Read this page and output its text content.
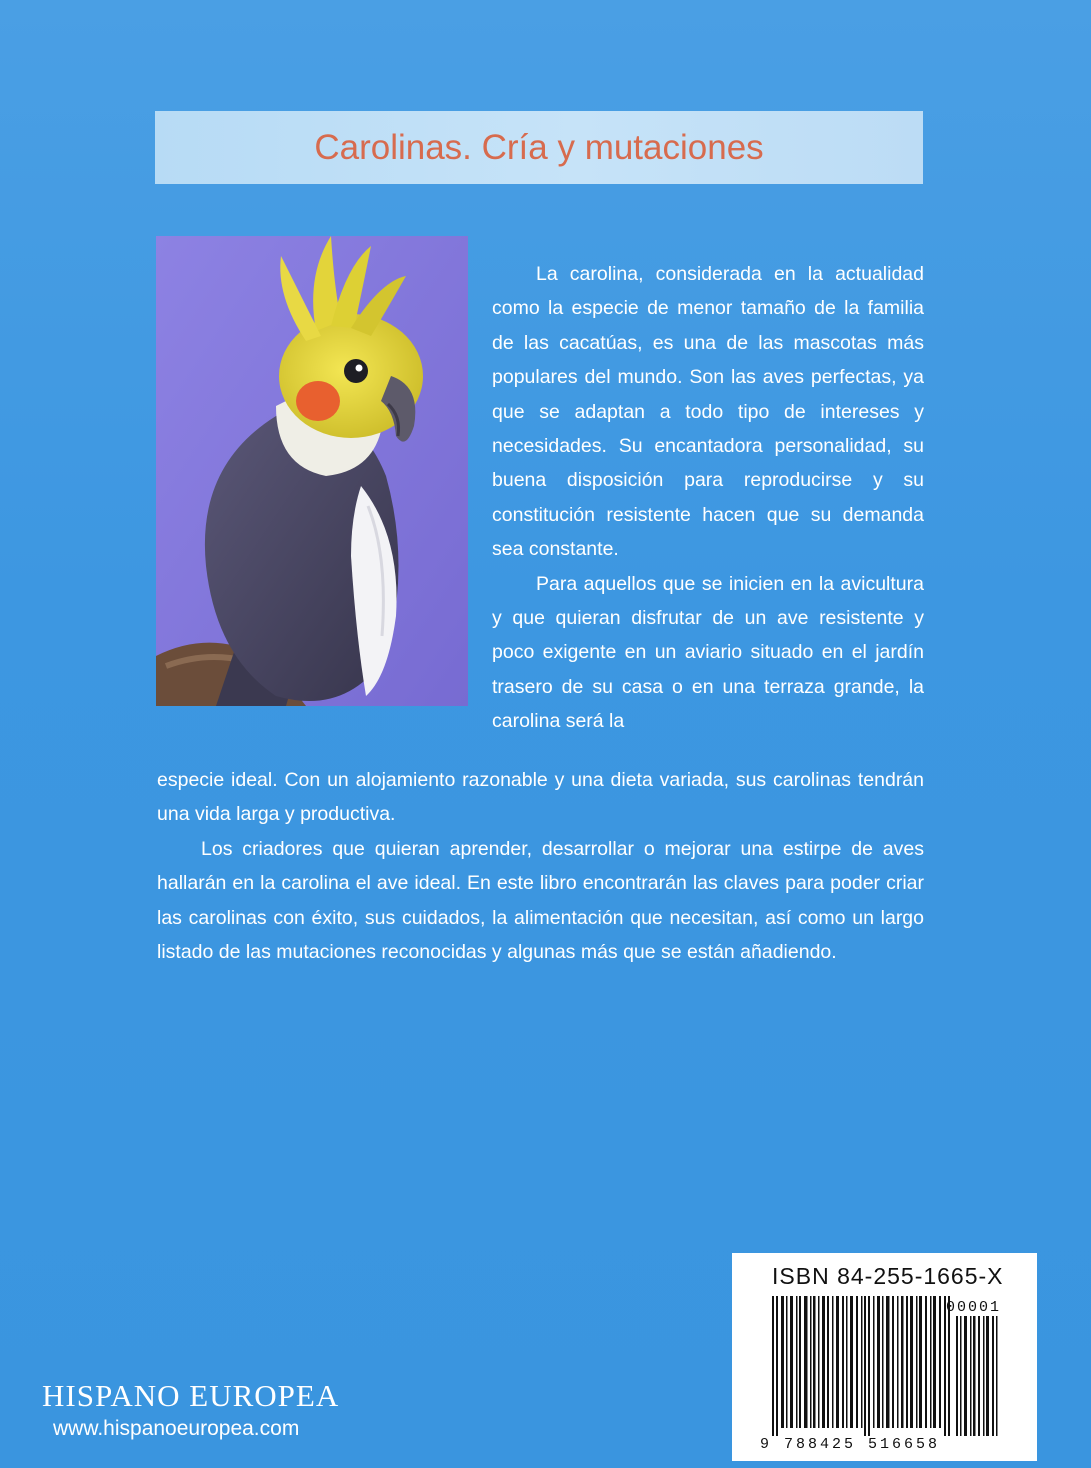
Carolinas. Cría y mutaciones

La carolina, considerada en la actualidad como la especie de menor tamaño de la familia de las cacatúas, es una de las mascotas más populares del mundo. Son las aves perfectas, ya que se adaptan a todo tipo de intereses y necesidades. Su encantadora personalidad, su buena disposición para reproducirse y su constitución resistente hacen que su demanda sea constante.

Para aquellos que se inicien en la avicultura y que quieran disfrutar de un ave resistente y poco exigente en un aviario situado en el jardín trasero de su casa o en una terraza grande, la carolina será la

especie ideal. Con un alojamiento razonable y una dieta variada, sus carolinas tendrán una vida larga y productiva.

Los criadores que quieran aprender, desarrollar o mejorar una estirpe de aves hallarán en la carolina el ave ideal. En este libro encontrarán las claves para poder criar las carolinas con éxito, sus cuidados, la alimentación que necesitan, así como un largo listado de las mutaciones reconocidas y algunas más que se están añadiendo.

ISBN 84-255-1665-X
00001
9 788425 516658
HISPANO EUROPEA
www.hispanoeuropea.com
